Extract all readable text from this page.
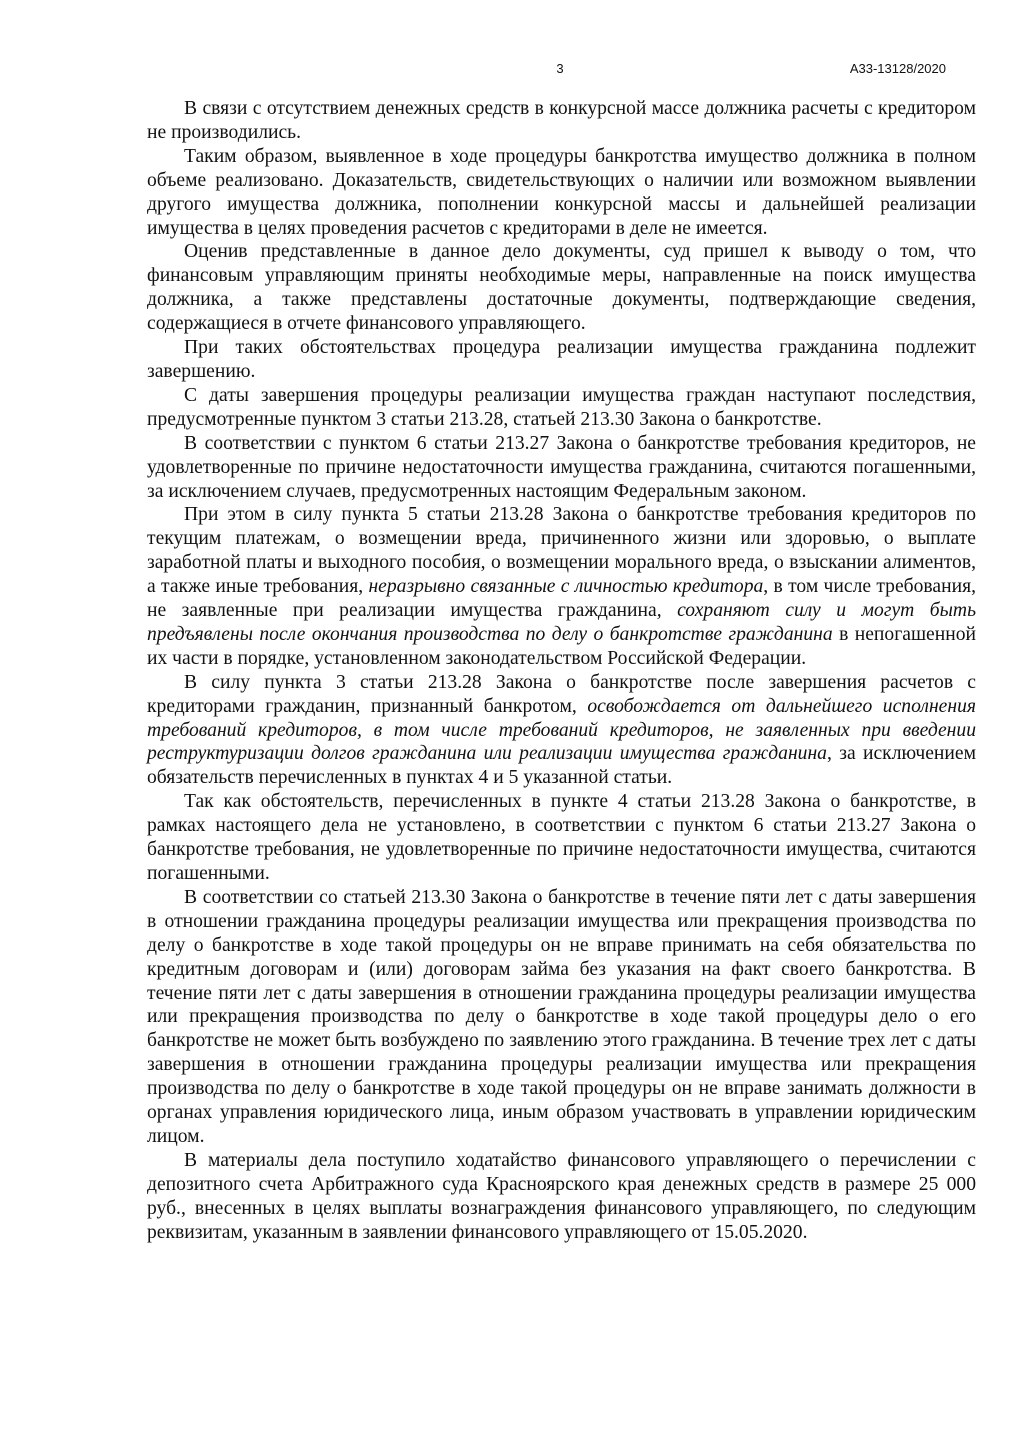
3	А33-13128/2020

В связи с отсутствием денежных средств в конкурсной массе должника расчеты с кредитором не производились.

Таким образом, выявленное в ходе процедуры банкротства имущество должника в полном объеме реализовано. Доказательств, свидетельствующих о наличии или возможном выявлении другого имущества должника, пополнении конкурсной массы и дальнейшей реализации имущества в целях проведения расчетов с кредиторами в деле не имеется.

Оценив представленные в данное дело документы, суд пришел к выводу о том, что финансовым управляющим приняты необходимые меры, направленные на поиск имущества должника, а также представлены достаточные документы, подтверждающие сведения, содержащиеся в отчете финансового управляющего.

При таких обстоятельствах процедура реализации имущества гражданина подлежит завершению.

С даты завершения процедуры реализации имущества граждан наступают последствия, предусмотренные пунктом 3 статьи 213.28, статьей 213.30 Закона о банкротстве.

В соответствии с пунктом 6 статьи 213.27 Закона о банкротстве требования кредиторов, не удовлетворенные по причине недостаточности имущества гражданина, считаются погашенными, за исключением случаев, предусмотренных настоящим Федеральным законом.

При этом в силу пункта 5 статьи 213.28 Закона о банкротстве требования кредиторов по текущим платежам, о возмещении вреда, причиненного жизни или здоровью, о выплате заработной платы и выходного пособия, о возмещении морального вреда, о взыскании алиментов, а также иные требования, неразрывно связанные с личностью кредитора, в том числе требования, не заявленные при реализации имущества гражданина, сохраняют силу и могут быть предъявлены после окончания производства по делу о банкротстве гражданина в непогашенной их части в порядке, установленном законодательством Российской Федерации.

В силу пункта 3 статьи 213.28 Закона о банкротстве после завершения расчетов с кредиторами гражданин, признанный банкротом, освобождается от дальнейшего исполнения требований кредиторов, в том числе требований кредиторов, не заявленных при введении реструктуризации долгов гражданина или реализации имущества гражданина, за исключением обязательств перечисленных в пунктах 4 и 5 указанной статьи.

Так как обстоятельств, перечисленных в пункте 4 статьи 213.28 Закона о банкротстве, в рамках настоящего дела не установлено, в соответствии с пунктом 6 статьи 213.27 Закона о банкротстве требования, не удовлетворенные по причине недостаточности имущества, считаются погашенными.

В соответствии со статьей 213.30 Закона о банкротстве в течение пяти лет с даты завершения в отношении гражданина процедуры реализации имущества или прекращения производства по делу о банкротстве в ходе такой процедуры он не вправе принимать на себя обязательства по кредитным договорам и (или) договорам займа без указания на факт своего банкротства. В течение пяти лет с даты завершения в отношении гражданина процедуры реализации имущества или прекращения производства по делу о банкротстве в ходе такой процедуры дело о его банкротстве не может быть возбуждено по заявлению этого гражданина. В течение трех лет с даты завершения в отношении гражданина процедуры реализации имущества или прекращения производства по делу о банкротстве в ходе такой процедуры он не вправе занимать должности в органах управления юридического лица, иным образом участвовать в управлении юридическим лицом.

В материалы дела поступило ходатайство финансового управляющего о перечислении с депозитного счета Арбитражного суда Красноярского края денежных средств в размере 25 000 руб., внесенных в целях выплаты вознаграждения финансового управляющего, по следующим реквизитам, указанным в заявлении финансового управляющего от 15.05.2020.
